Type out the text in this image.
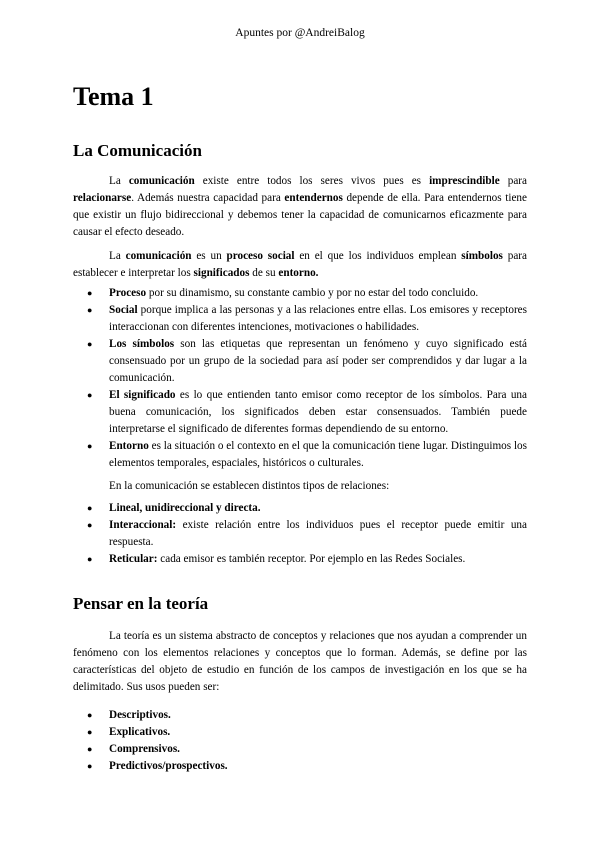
Apuntes por @AndreiBalog
Tema 1
La Comunicación

La comunicación existe entre todos los seres vivos pues es imprescindible para relacionarse. Además nuestra capacidad para entendernos depende de ella. Para entendernos tiene que existir un flujo bidireccional y debemos tener la capacidad de comunicarnos eficazmente para causar el efecto deseado.

La comunicación es un proceso social en el que los individuos emplean símbolos para establecer e interpretar los significados de su entorno.

● Proceso por su dinamismo, su constante cambio y por no estar del todo concluido.
● Social porque implica a las personas y a las relaciones entre ellas. Los emisores y receptores interaccionan con diferentes intenciones, motivaciones o habilidades.
● Los símbolos son las etiquetas que representan un fenómeno y cuyo significado está consensuado por un grupo de la sociedad para así poder ser comprendidos y dar lugar a la comunicación.
● El significado es lo que entienden tanto emisor como receptor de los símbolos. Para una buena comunicación, los significados deben estar consensuados. También puede interpretarse el significado de diferentes formas dependiendo de su entorno.
● Entorno es la situación o el contexto en el que la comunicación tiene lugar. Distinguimos los elementos temporales, espaciales, históricos o culturales.

En la comunicación se establecen distintos tipos de relaciones:

● Lineal, unidireccional y directa.
● Interaccional: existe relación entre los individuos pues el receptor puede emitir una respuesta.
● Reticular: cada emisor es también receptor. Por ejemplo en las Redes Sociales.
Pensar en la teoría

La teoría es un sistema abstracto de conceptos y relaciones que nos ayudan a comprender un fenómeno con los elementos relaciones y conceptos que lo forman. Además, se define por las características del objeto de estudio en función de los campos de investigación en los que se ha delimitado. Sus usos pueden ser:

● Descriptivos.
● Explicativos.
● Comprensivos.
● Predictivos/prospectivos.
